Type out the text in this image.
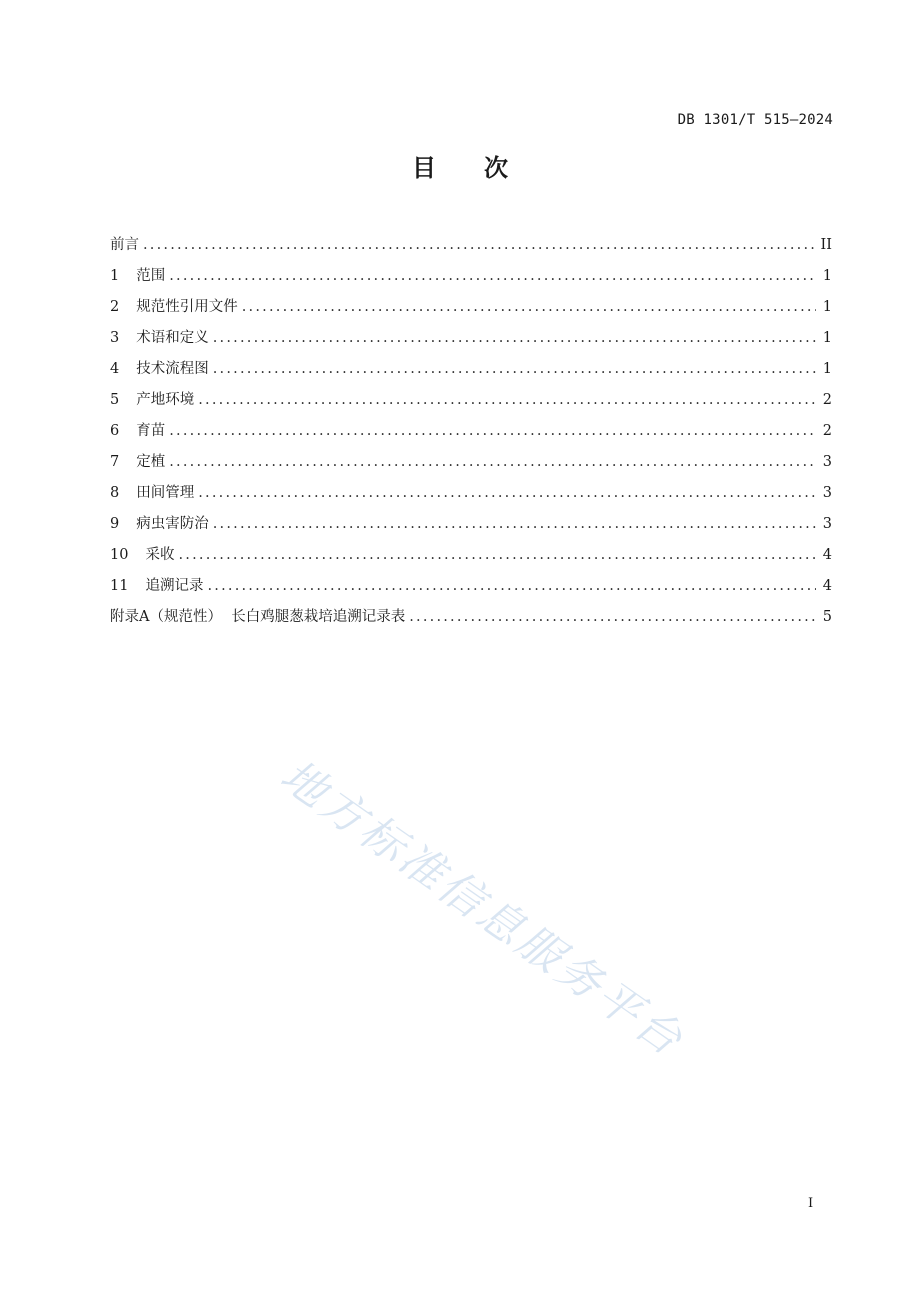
DB 1301/T 515—2024
目次
前言 .....	II
1 范围 .....	1
2 规范性引用文件 .....	1
3 术语和定义 .....	1
4 技术流程图 .....	1
5 产地环境 .....	2
6 育苗 .....	2
7 定植 .....	3
8 田间管理 .....	3
9 病虫害防治 .....	3
10 采收 .....	4
11 追溯记录 .....	4
附录A（规范性）  长白鸡腿葱栽培追溯记录表 .....	5
地方标准信息服务平台
I
